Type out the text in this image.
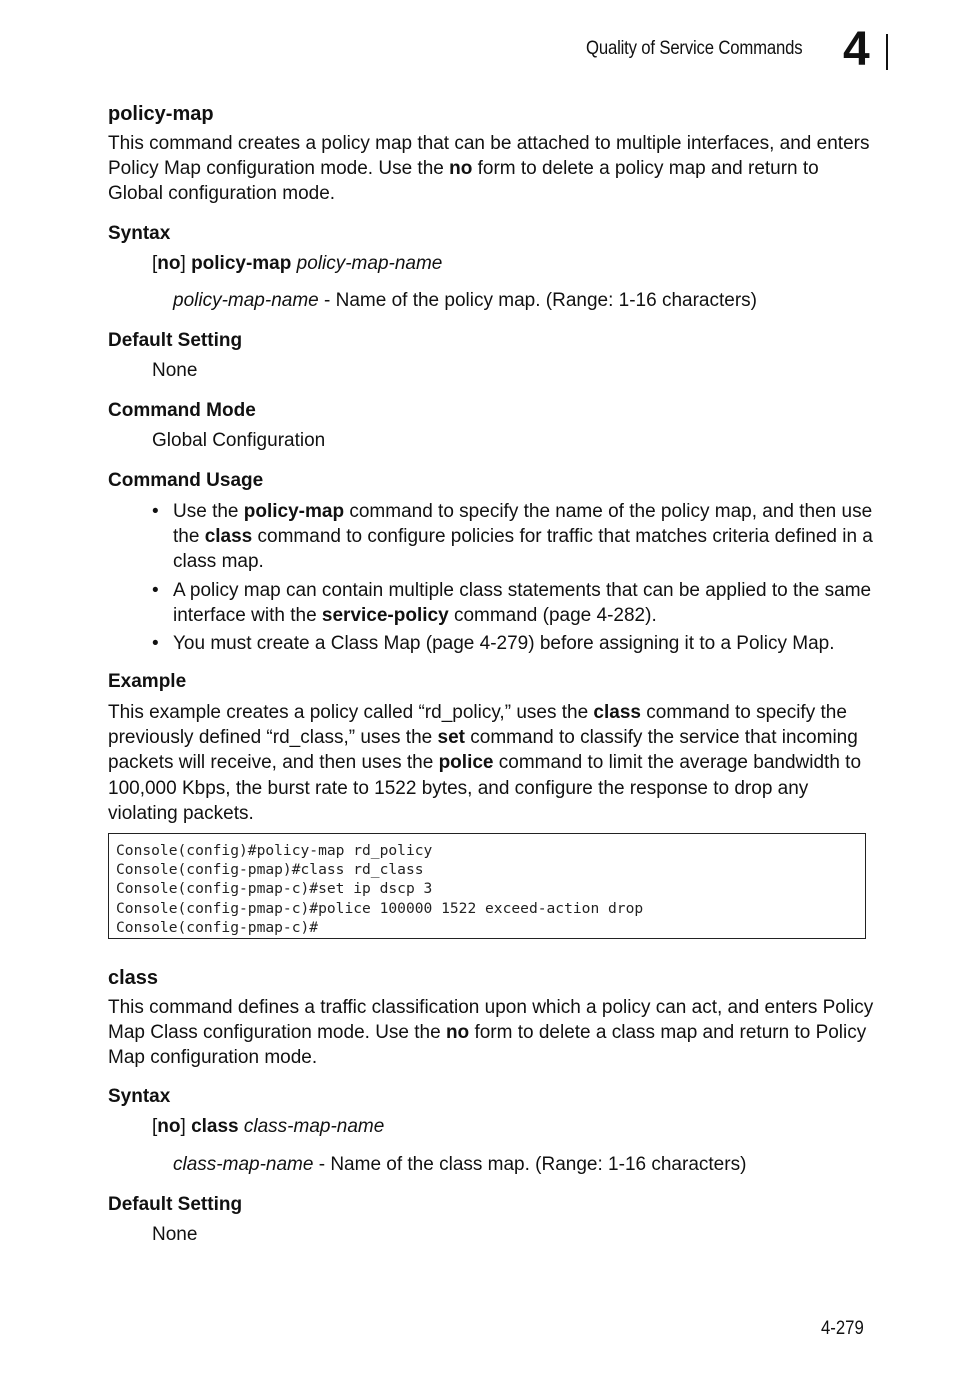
Quality of Service Commands 4
policy-map
This command creates a policy map that can be attached to multiple interfaces, and enters Policy Map configuration mode. Use the no form to delete a policy map and return to Global configuration mode.
Syntax
[no] policy-map policy-map-name
policy-map-name - Name of the policy map. (Range: 1-16 characters)
Default Setting
None
Command Mode
Global Configuration
Command Usage
• Use the policy-map command to specify the name of the policy map, and then use the class command to configure policies for traffic that matches criteria defined in a class map.
• A policy map can contain multiple class statements that can be applied to the same interface with the service-policy command (page 4-282).
• You must create a Class Map (page 4-279) before assigning it to a Policy Map.
Example
This example creates a policy called “rd_policy,” uses the class command to specify the previously defined “rd_class,” uses the set command to classify the service that incoming packets will receive, and then uses the police command to limit the average bandwidth to 100,000 Kbps, the burst rate to 1522 bytes, and configure the response to drop any violating packets.
Console(config)#policy-map rd_policy
Console(config-pmap)#class rd_class
Console(config-pmap-c)#set ip dscp 3
Console(config-pmap-c)#police 100000 1522 exceed-action drop
Console(config-pmap-c)#
class
This command defines a traffic classification upon which a policy can act, and enters Policy Map Class configuration mode. Use the no form to delete a class map and return to Policy Map configuration mode.
Syntax
[no] class class-map-name
class-map-name - Name of the class map. (Range: 1-16 characters)
Default Setting
None
4-279
